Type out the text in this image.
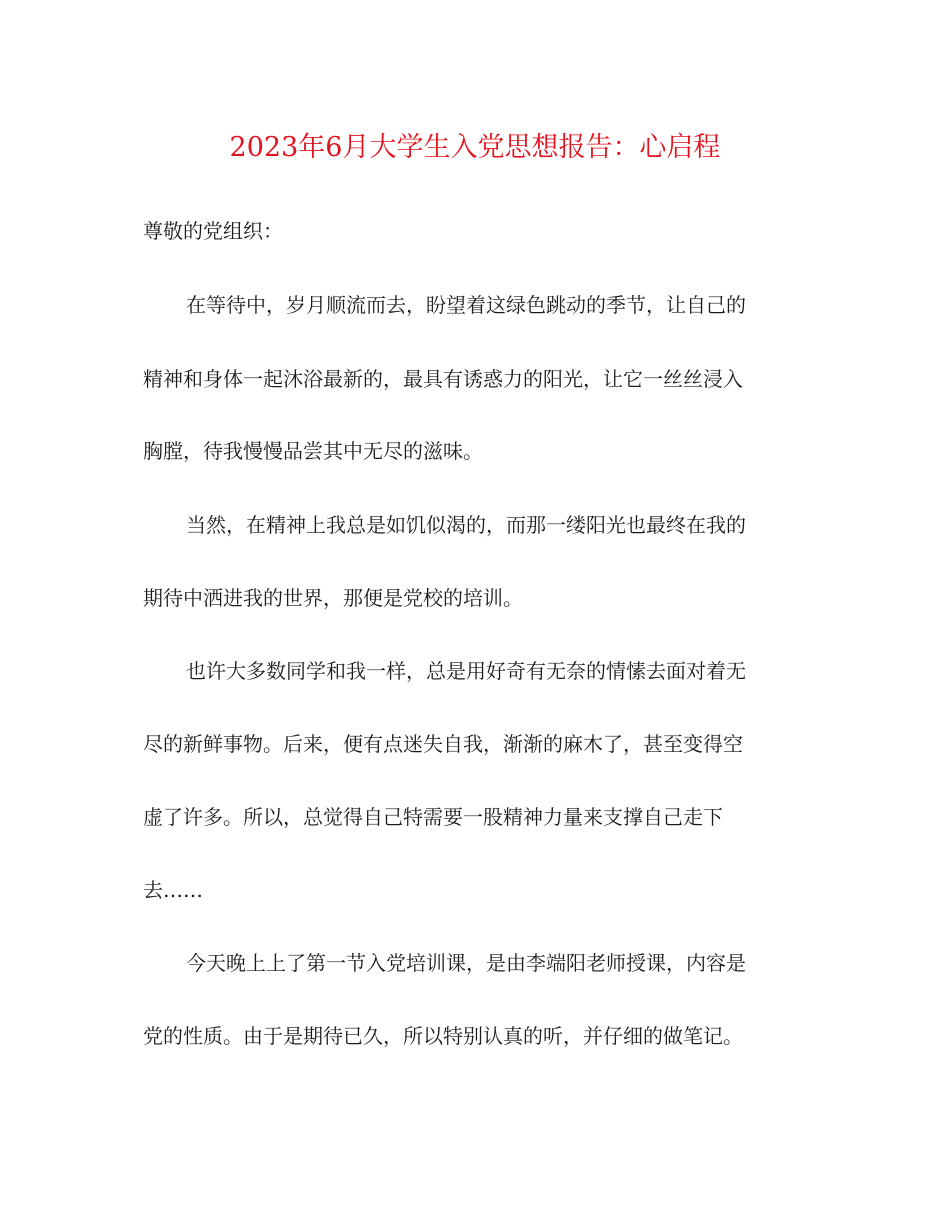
2023年6月大学生入党思想报告：心启程

尊敬的党组织：

在等待中，岁月顺流而去，盼望着这绿色跳动的季节，让自己的

精神和身体一起沐浴最新的，最具有诱惑力的阳光，让它一丝丝浸入

胸膛，待我慢慢品尝其中无尽的滋味。

当然，在精神上我总是如饥似渴的，而那一缕阳光也最终在我的

期待中洒进我的世界，那便是党校的培训。

也许大多数同学和我一样，总是用好奇有无奈的情愫去面对着无

尽的新鲜事物。后来，便有点迷失自我，渐渐的麻木了，甚至变得空

虚了许多。所以，总觉得自己特需要一股精神力量来支撑自己走下

去……

今天晚上上了第一节入党培训课，是由李端阳老师授课，内容是

党的性质。由于是期待已久，所以特别认真的听，并仔细的做笔记。
